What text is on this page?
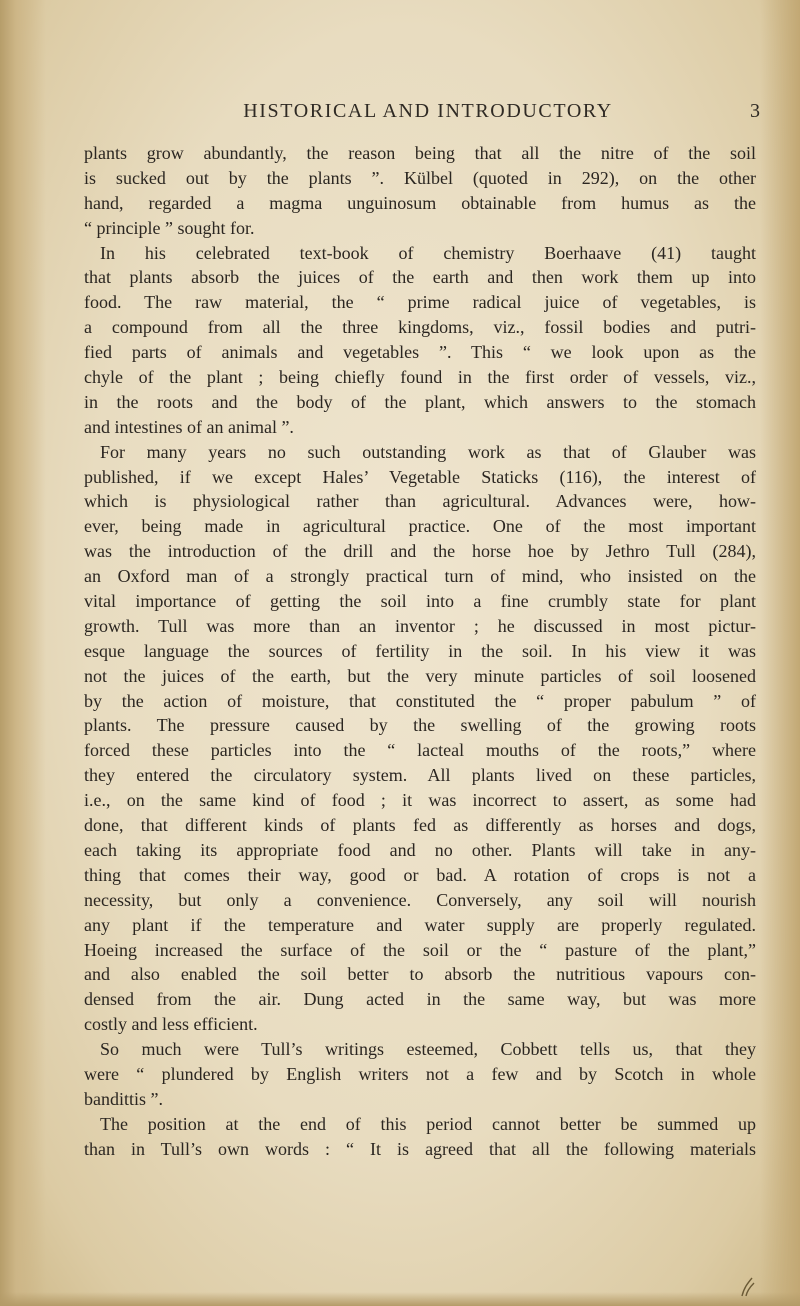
HISTORICAL AND INTRODUCTORY	3
plants grow abundantly, the reason being that all the nitre of the soil
is sucked out by the plants ”. Külbel (quoted in 292), on the other
hand, regarded a magma unguinosum obtainable from humus as the
“ principle ” sought for.
In his celebrated text-book of chemistry Boerhaave (41) taught
that plants absorb the juices of the earth and then work them up into
food. The raw material, the “ prime radical juice of vegetables, is
a compound from all the three kingdoms, viz., fossil bodies and putri-
fied parts of animals and vegetables ”. This “ we look upon as the
chyle of the plant ; being chiefly found in the first order of vessels, viz.,
in the roots and the body of the plant, which answers to the stomach
and intestines of an animal ”.
For many years no such outstanding work as that of Glauber was
published, if we except Hales’ Vegetable Staticks (116), the interest of
which is physiological rather than agricultural. Advances were, how-
ever, being made in agricultural practice. One of the most important
was the introduction of the drill and the horse hoe by Jethro Tull (284),
an Oxford man of a strongly practical turn of mind, who insisted on the
vital importance of getting the soil into a fine crumbly state for plant
growth. Tull was more than an inventor ; he discussed in most pictur-
esque language the sources of fertility in the soil. In his view it was
not the juices of the earth, but the very minute particles of soil loosened
by the action of moisture, that constituted the “ proper pabulum ” of
plants. The pressure caused by the swelling of the growing roots
forced these particles into the “ lacteal mouths of the roots,” where
they entered the circulatory system. All plants lived on these particles,
i.e., on the same kind of food ; it was incorrect to assert, as some had
done, that different kinds of plants fed as differently as horses and dogs,
each taking its appropriate food and no other. Plants will take in any-
thing that comes their way, good or bad. A rotation of crops is not a
necessity, but only a convenience. Conversely, any soil will nourish
any plant if the temperature and water supply are properly regulated.
Hoeing increased the surface of the soil or the “ pasture of the plant,”
and also enabled the soil better to absorb the nutritious vapours con-
densed from the air. Dung acted in the same way, but was more
costly and less efficient.
So much were Tull’s writings esteemed, Cobbett tells us, that they
were “ plundered by English writers not a few and by Scotch in whole
bandittis ”.
The position at the end of this period cannot better be summed up
than in Tull’s own words : “ It is agreed that all the following materials
